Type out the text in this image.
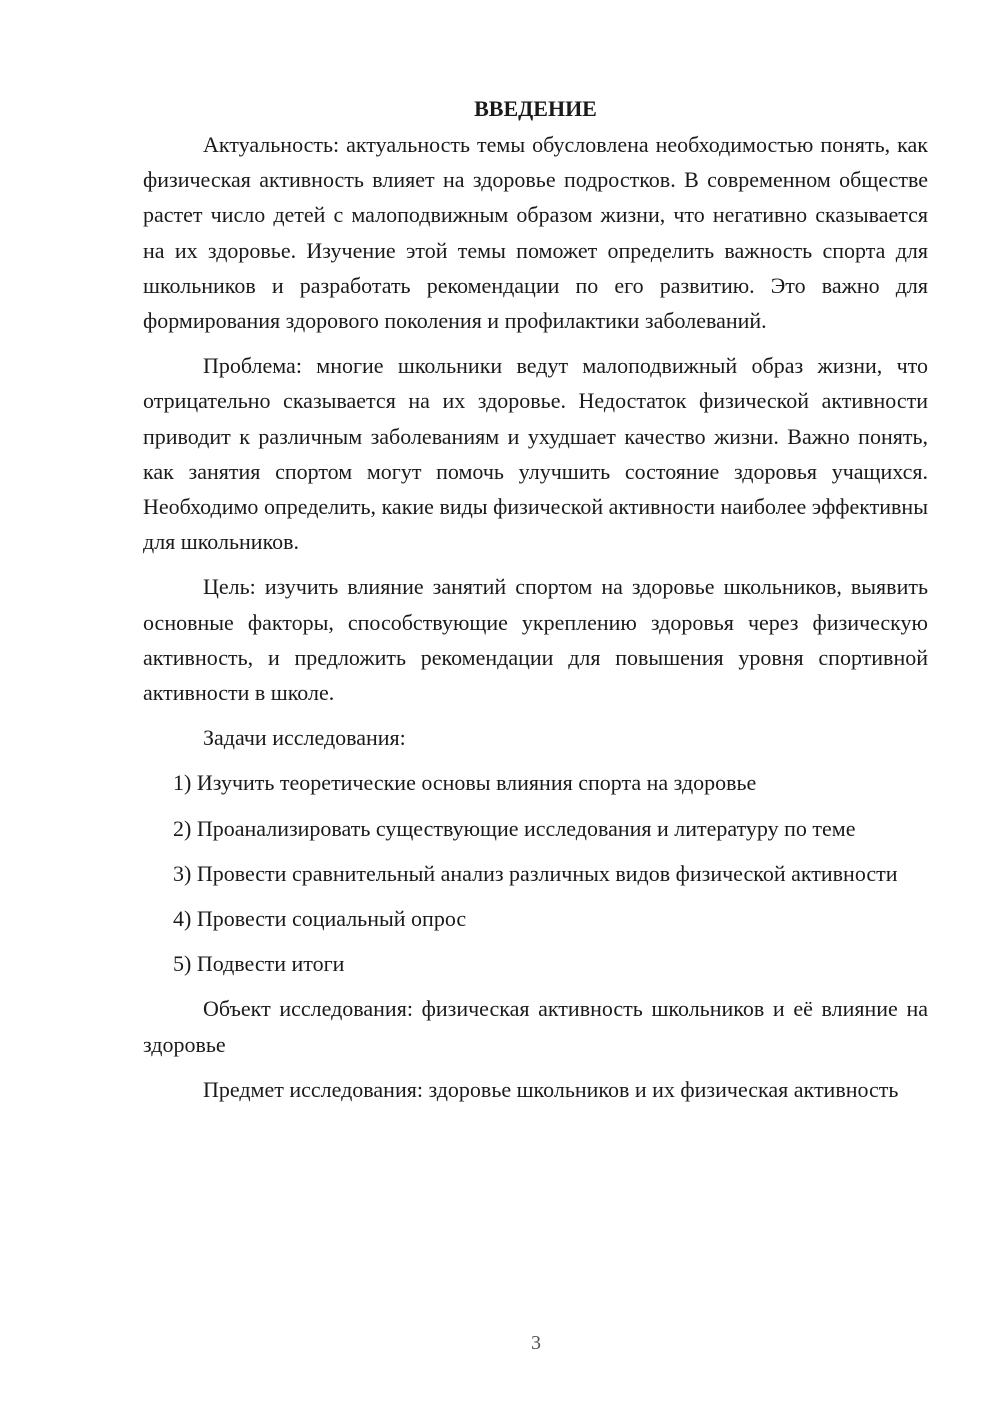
ВВЕДЕНИЕ

Актуальность: актуальность темы обусловлена необходимостью понять, как физическая активность влияет на здоровье подростков. В современном обществе растет число детей с малоподвижным образом жизни, что негативно сказывается на их здоровье. Изучение этой темы поможет определить важность спорта для школьников и разработать рекомендации по его развитию. Это важно для формирования здорового поколения и профилактики заболеваний.

Проблема: многие школьники ведут малоподвижный образ жизни, что отрицательно сказывается на их здоровье. Недостаток физической активности приводит к различным заболеваниям и ухудшает качество жизни. Важно понять, как занятия спортом могут помочь улучшить состояние здоровья учащихся. Необходимо определить, какие виды физической активности наиболее эффективны для школьников.

Цель: изучить влияние занятий спортом на здоровье школьников, выявить основные факторы, способствующие укреплению здоровья через физическую активность, и предложить рекомендации для повышения уровня спортивной активности в школе.

Задачи исследования:

1) Изучить теоретические основы влияния спорта на здоровье

2) Проанализировать существующие исследования и литературу по теме

3) Провести сравнительный анализ различных видов физической активности

4) Провести социальный опрос

5) Подвести итоги

Объект исследования: физическая активность школьников и её влияние на здоровье

Предмет исследования: здоровье школьников и их физическая активность

3
